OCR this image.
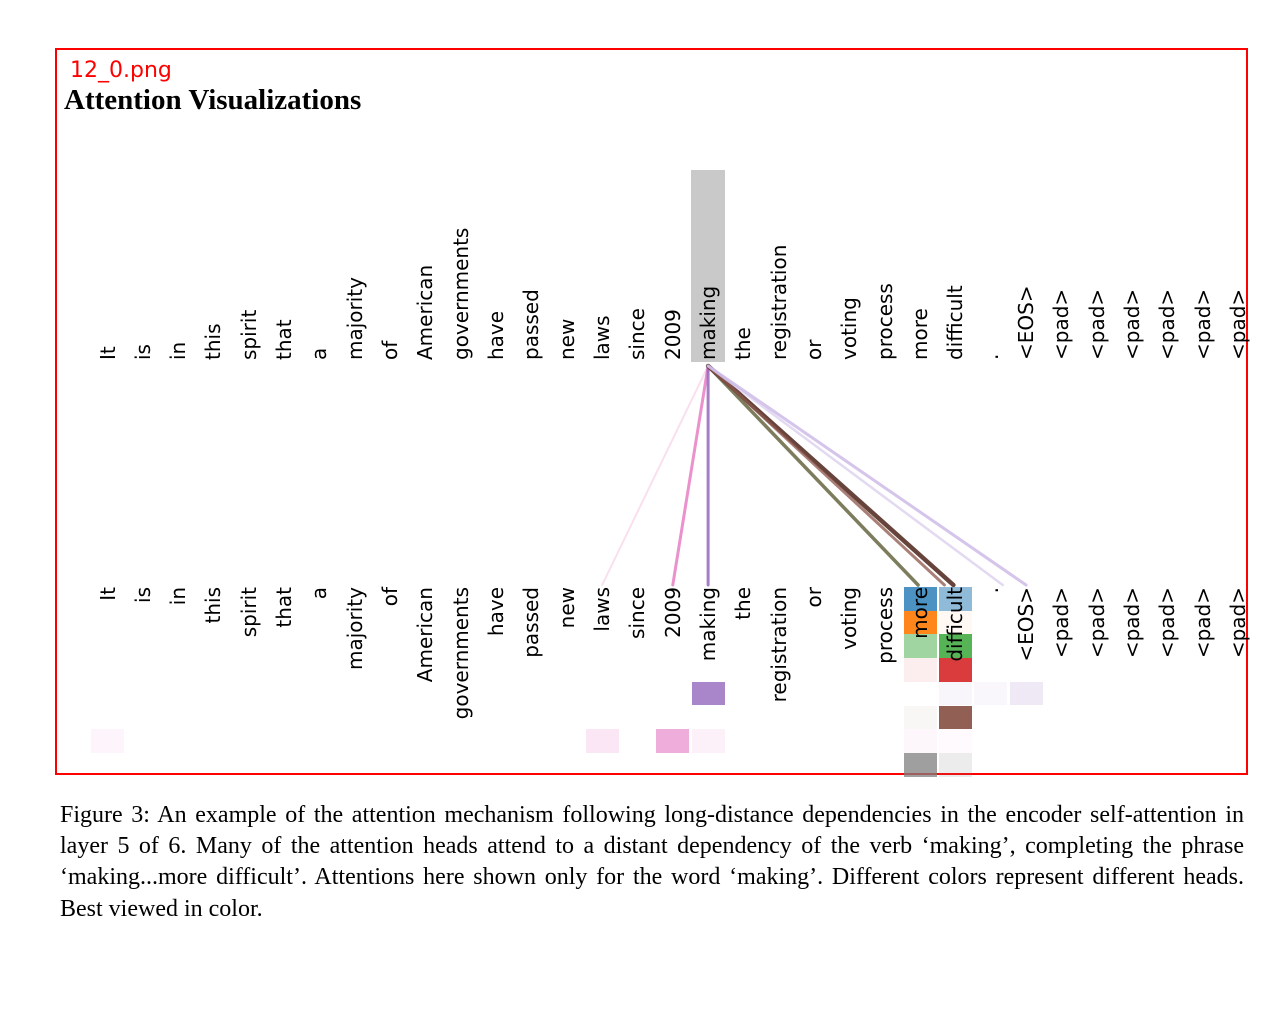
12_0.png
Attention Visualizations
It is in this spirit that a majority of American governments have passed new laws since 2009 making the registration or voting process more difficult . <EOS> <pad> <pad> <pad> <pad> <pad> <pad>
It is in this spirit that a majority of American governments have passed new laws since 2009 making the registration or voting process more difficult . <EOS> <pad> <pad> <pad> <pad> <pad> <pad>

Figure 3: An example of the attention mechanism following long-distance dependencies in the encoder self-attention in layer 5 of 6. Many of the attention heads attend to a distant dependency of the verb ‘making’, completing the phrase ‘making...more difficult’. Attentions here shown only for the word ‘making’. Different colors represent different heads. Best viewed in color.
